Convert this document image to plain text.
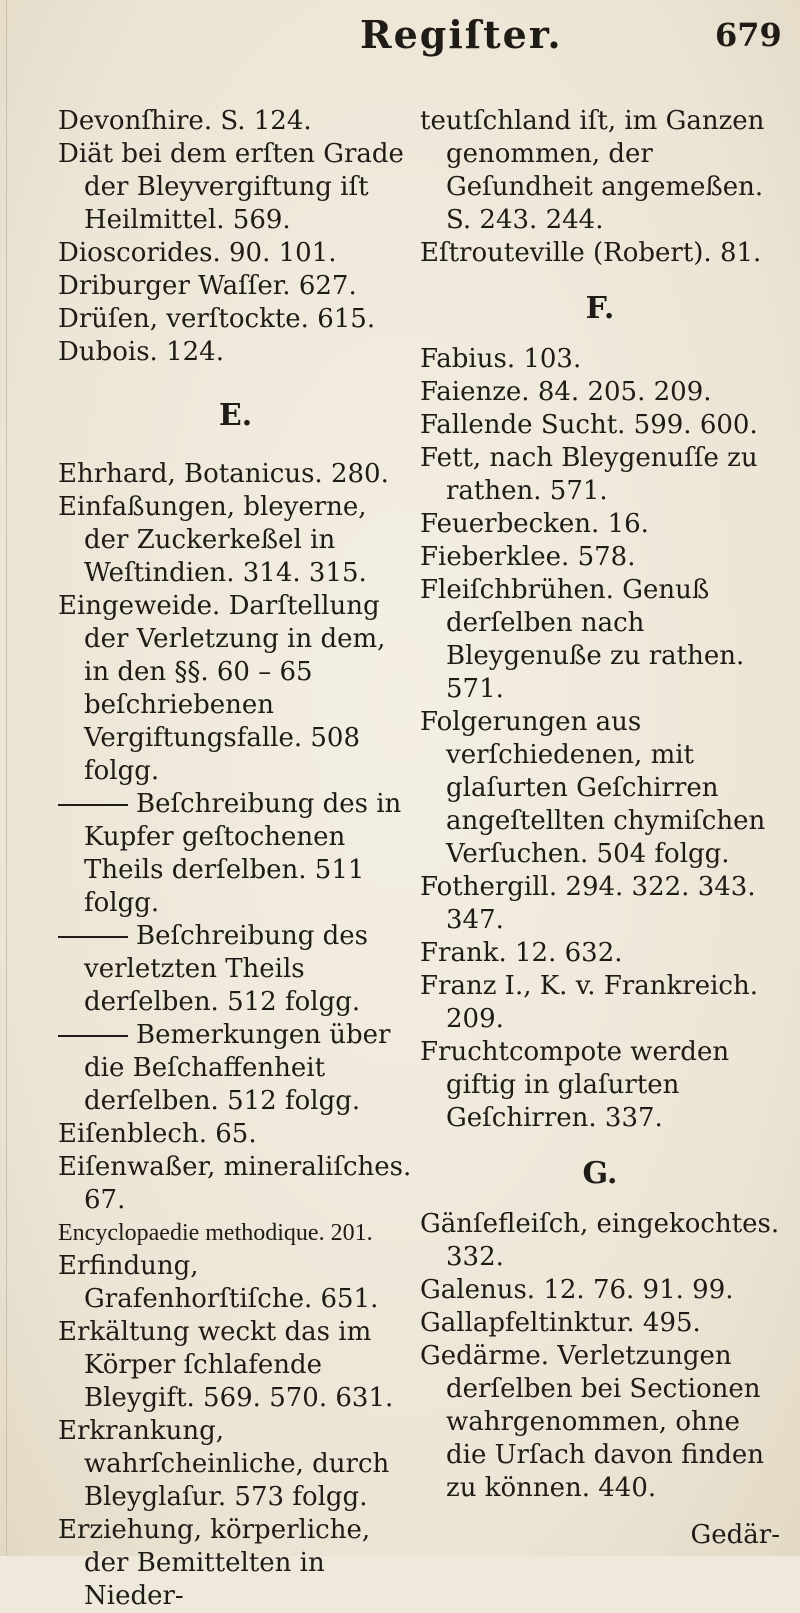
Regiſter.	679

Devonſhire. S. 124.

Diät bei dem erſten Grade der Bleyvergiftung iſt Heilmittel. 569.

Dioscorides. 90. 101.

Driburger Waſſer. 627.

Drüſen, verſtockte. 615.

Dubois. 124.

E.

Ehrhard, Botanicus. 280.

Einfaßungen, bleyerne, der Zuckerkeßel in Weſtindien. 314. 315.

Eingeweide. Darſtellung der Verletzung in dem, in den §§. 60 – 65 beſchriebenen Vergiftungsfalle. 508 folgg.

Beſchreibung des in Kupfer geſtochenen Theils derſelben. 511 folgg.

Beſchreibung des verletzten Theils derſelben. 512 folgg.

Bemerkungen über die Beſchaffenheit derſelben. 512 folgg.

Eiſenblech. 65.

Eiſenwaßer, mineraliſches. 67.

Encyclopaedie methodique. 201.

Erfindung, Grafenhorſtiſche. 651.

Erkältung weckt das im Körper ſchlafende Bleygift. 569. 570. 631.

Erkrankung, wahrſcheinliche, durch Bleyglaſur. 573 folgg.

Erziehung, körperliche, der Bemittelten in Nieder-

teutſchland iſt, im Ganzen genommen, der Geſundheit angemeßen. S. 243. 244.

Eſtrouteville (Robert). 81.

F.

Fabius. 103.

Faienze. 84. 205. 209.

Fallende Sucht. 599. 600.

Fett, nach Bleygenuſſe zu rathen. 571.

Feuerbecken. 16.

Fieberklee. 578.

Fleiſchbrühen. Genuß derſelben nach Bleygenuße zu rathen. 571.

Folgerungen aus verſchiedenen, mit glaſurten Geſchirren angeſtellten chymiſchen Verſuchen. 504 folgg.

Fothergill. 294. 322. 343. 347.

Frank. 12. 632.

Franz I., K. v. Frankreich. 209.

Fruchtcompote werden giftig in glaſurten Geſchirren. 337.

G.

Gänſefleiſch, eingekochtes. 332.

Galenus. 12. 76. 91. 99.

Gallapfeltinktur. 495.

Gedärme. Verletzungen derſelben bei Sectionen wahrgenommen, ohne die Urſach davon finden zu können. 440.

Gedär-
